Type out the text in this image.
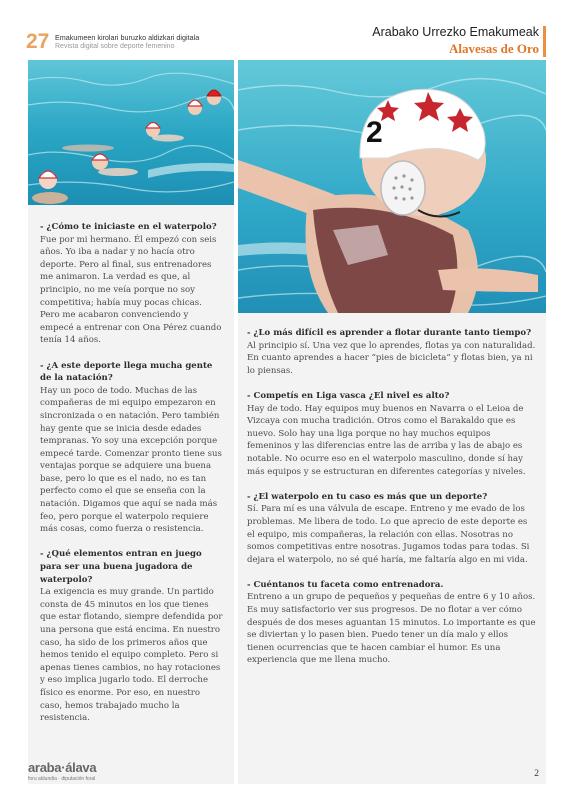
27 Emakumeen kirolari buruzko aldizkari digitala
Revista digital sobre deporte femenino
Arabako Urrezko Emakumeak
Alavesas de Oro
2
- ¿Cómo te iniciaste en el waterpolo?
Fue por mi hermano. Él empezó con seis años. Yo iba a nadar y no hacía otro deporte. Pero al final, sus entrenadores me animaron. La verdad es que, al principio, no me veía porque no soy competitiva; había muy pocas chicas. Pero me acabaron convenciendo y empecé a entrenar con Ona Pérez cuando tenía 14 años.
- ¿A este deporte llega mucha gente de la natación?
Hay un poco de todo. Muchas de las compañeras de mi equipo empezaron en sincronizada o en natación. Pero también hay gente que se inicia desde edades tempranas. Yo soy una excepción porque empecé tarde. Comenzar pronto tiene sus ventajas porque se adquiere una buena base, pero lo que es el nado, no es tan perfecto como el que se enseña con la natación. Digamos que aquí se nada más feo, pero porque el waterpolo requiere más cosas, como fuerza o resistencia.
- ¿Qué elementos entran en juego para ser una buena jugadora de waterpolo?
La exigencia es muy grande. Un partido consta de 45 minutos en los que tienes que estar flotando, siempre defendida por una persona que está encima. En nuestro caso, ha sido de los primeros años que hemos tenido el equipo completo. Pero si apenas tienes cambios, no hay rotaciones y eso implica jugarlo todo. El derroche físico es enorme. Por eso, en nuestro caso, hemos trabajado mucho la resistencia.
- ¿Lo más difícil es aprender a flotar durante tanto tiempo?
Al principio sí. Una vez que lo aprendes, flotas ya con naturalidad. En cuanto aprendes a hacer “pies de bicicleta” y flotas bien, ya ni lo piensas.
- Competís en Liga vasca ¿El nivel es alto?
Hay de todo. Hay equipos muy buenos en Navarra o el Leioa de Vizcaya con mucha tradición. Otros como el Barakaldo que es nuevo. Solo hay una liga porque no hay muchos equipos femeninos y las diferencias entre las de arriba y las de abajo es notable. No ocurre eso en el waterpolo masculino, donde sí hay más equipos y se estructuran en diferentes categorías y niveles.
- ¿El waterpolo en tu caso es más que un deporte?
Sí. Para mí es una válvula de escape. Entreno y me evado de los problemas. Me libera de todo. Lo que aprecio de este deporte es el equipo, mis compañeras, la relación con ellas. Nosotras no somos competitivas entre nosotras. Jugamos todas para todas. Si dejara el waterpolo, no sé qué haría, me faltaría algo en mi vida.
- Cuéntanos tu faceta como entrenadora.
Entreno a un grupo de pequeños y pequeñas de entre 6 y 10 años. Es muy satisfactorio ver sus progresos. De no flotar a ver cómo después de dos meses aguantan 15 minutos. Lo importante es que se diviertan y lo pasen bien. Puedo tener un día malo y ellos tienen ocurrencias que te hacen cambiar el humor. Es una experiencia que me llena mucho.
araba·álava
foru aldundia · diputación foral	2
